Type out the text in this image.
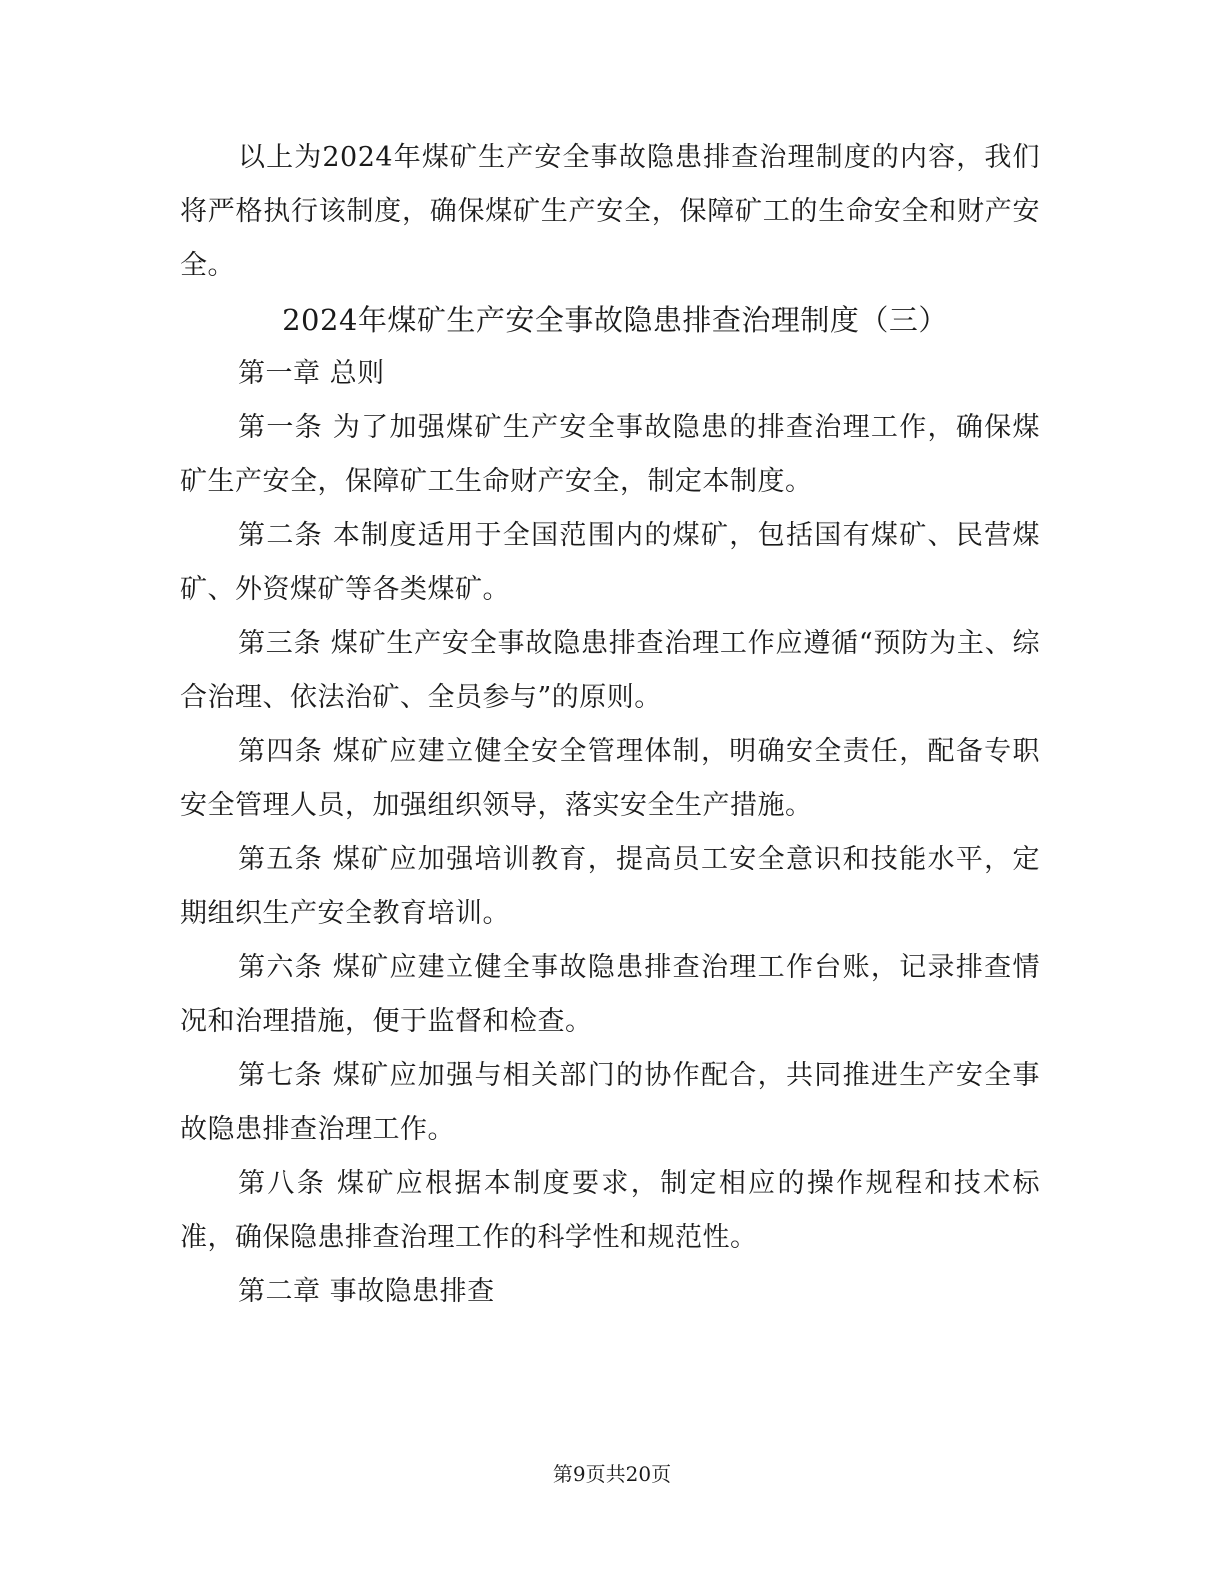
以上为2024年煤矿生产安全事故隐患排查治理制度的内容，我们将严格执行该制度，确保煤矿生产安全，保障矿工的生命安全和财产安全。

2024年煤矿生产安全事故隐患排查治理制度（三）

第一章 总则

第一条 为了加强煤矿生产安全事故隐患的排查治理工作，确保煤矿生产安全，保障矿工生命财产安全，制定本制度。

第二条 本制度适用于全国范围内的煤矿，包括国有煤矿、民营煤矿、外资煤矿等各类煤矿。

第三条 煤矿生产安全事故隐患排查治理工作应遵循“预防为主、综合治理、依法治矿、全员参与”的原则。

第四条 煤矿应建立健全安全管理体制，明确安全责任，配备专职安全管理人员，加强组织领导，落实安全生产措施。

第五条 煤矿应加强培训教育，提高员工安全意识和技能水平，定期组织生产安全教育培训。

第六条 煤矿应建立健全事故隐患排查治理工作台账，记录排查情况和治理措施，便于监督和检查。

第七条 煤矿应加强与相关部门的协作配合，共同推进生产安全事故隐患排查治理工作。

第八条 煤矿应根据本制度要求，制定相应的操作规程和技术标准，确保隐患排查治理工作的科学性和规范性。

第二章 事故隐患排查

第9页共20页
